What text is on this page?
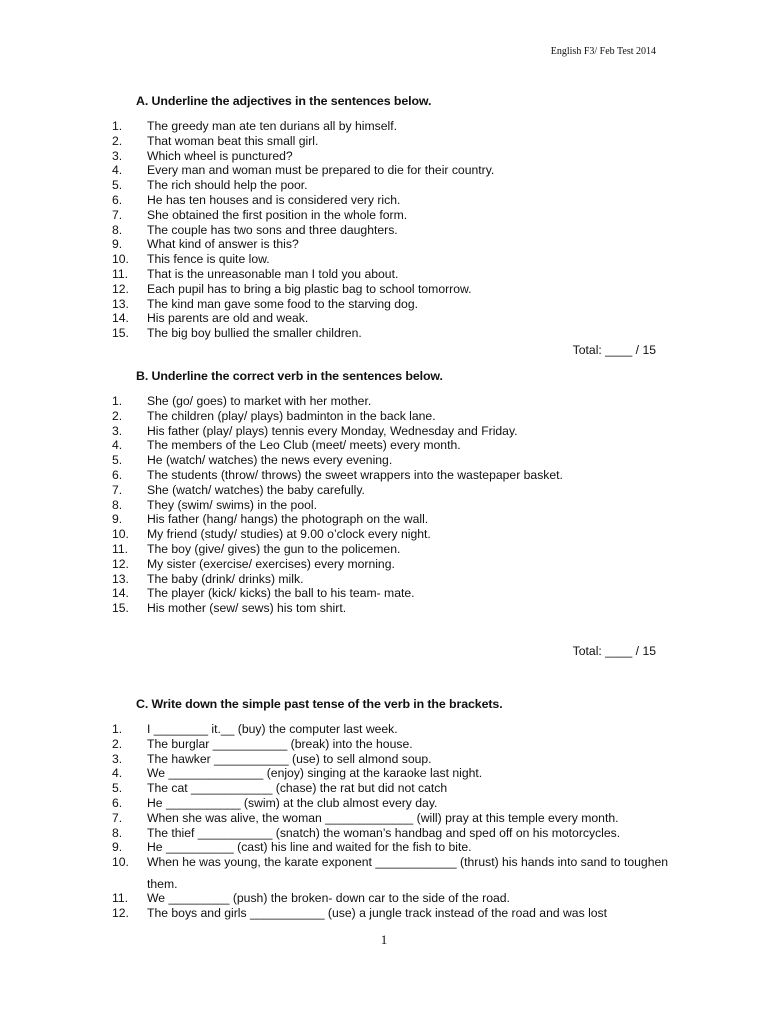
English F3/ Feb Test 2014
A. Underline the adjectives in the sentences below.
1.	The greedy man ate ten durians all by himself.
2.	That woman beat this small girl.
3.	Which wheel is punctured?
4.	Every man and woman must be prepared to die for their country.
5.	The rich should help the poor.
6.	He has ten houses and is considered very rich.
7.	She obtained the first position in the whole form.
8.	The couple has two sons and three daughters.
9.	What kind of answer is this?
10.	This fence is quite low.
11.	That is the unreasonable man I told you about.
12.	Each pupil has to bring a big plastic bag to school tomorrow.
13.	The kind man gave some food to the starving dog.
14.	His parents are old and weak.
15.	The big boy bullied the smaller children.
Total: ____ / 15
B. Underline the correct verb in the sentences below.
1.	She (go/ goes) to market with her mother.
2.	The children (play/ plays) badminton in the back lane.
3.	His father (play/ plays) tennis every Monday, Wednesday and Friday.
4.	The members of the Leo Club (meet/ meets) every month.
5.	He (watch/ watches) the news every evening.
6.	The students (throw/ throws) the sweet wrappers into the wastepaper basket.
7.	She (watch/ watches) the baby carefully.
8.	They (swim/ swims) in the pool.
9.	His father (hang/ hangs) the photograph on the wall.
10.	My friend (study/ studies) at 9.00 o’clock every night.
11.	The boy (give/ gives) the gun to the policemen.
12.	My sister (exercise/ exercises) every morning.
13.	The baby (drink/ drinks) milk.
14.	The player (kick/ kicks) the ball to his team- mate.
15.	His mother (sew/ sews) his tom shirt.
Total: ____ / 15
C. Write down the simple past tense of the verb in the brackets.
1.	I ________ it.__ (buy) the computer last week.
2.	The burglar ___________ (break) into the house.
3.	The hawker ___________ (use) to sell almond soup.
4.	We ______________ (enjoy) singing at the karaoke last night.
5.	The cat ____________ (chase) the rat but did not catch
6.	He ___________ (swim) at the club almost every day.
7.	When she was alive, the woman _____________ (will) pray at this temple every month.
8.	The thief ___________ (snatch) the woman’s handbag and sped off on his motorcycles.
9.	He __________ (cast) his line and waited for the fish to bite.
10.	When he was young, the karate exponent ____________ (thrust) his hands into sand to toughen them.
11.	We _________ (push) the broken- down car to the side of the road.
12.	The boys and girls ___________ (use) a jungle track instead of the road and was lost
1
